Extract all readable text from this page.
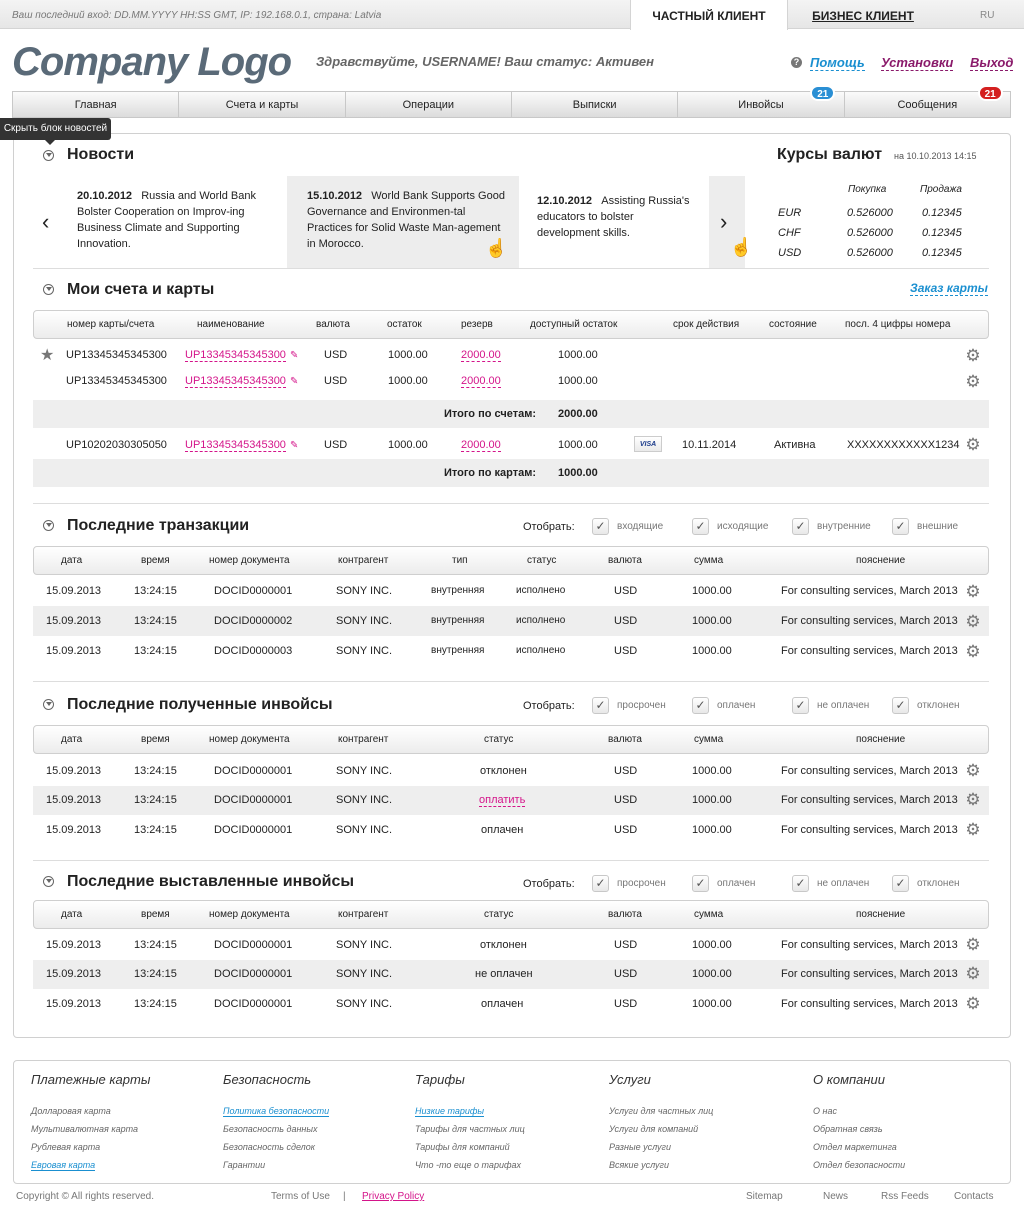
Ваш последний вход: DD.MM.YYYY HH:SS GMT, IP: 192.168.0.1, страна: Latvia	ЧАСТНЫЙ КЛИЕНТ	БИЗНЕС КЛИЕНТ	RU
Company Logo Здравствуйте, USERNAME! Ваш статус: Активен	? Помощь Установки Выход
Главная	Счета и карты	Операции	Выписки	Инвойсы
21
Сообщения
21
Скрыть блок новостей
Новости
‹
20.10.2012 Russia and World Bank Bolster Cooperation on Improv-ing Business Climate and Supporting Innovation.
15.10.2012 World Bank Supports Good Governance and Environmen-tal Practices for Solid Waste Man-agement in Morocco.	☝
12.10.2012 Assisting Russia's educators to bolster development skills.	›
☝
Курсы валют на 10.10.2013 14:15
Покупка	Продажа
EUR	0.526000	0.12345
CHF	0.526000	0.12345
USD	0.526000	0.12345
Мои счета и карты	Заказ карты
номер карты/счета	наименование	валюта	остаток	резерв	доступный остаток	срок действия	состояние	посл. 4 цифры номера
★ UP13345345345300 UP13345345345300 ✎ USD	1000.00	2000.00	1000.00	⚙
UP13345345345300 UP13345345345300 ✎ USD	1000.00	2000.00	1000.00	⚙
Итого по счетам: 2000.00
UP10202030305050 UP13345345345300 ✎ USD	1000.00	2000.00	1000.00	VISA	10.11.2014	Активна	XXXXXXXXXXXX1234 ⚙
Итого по картам: 1000.00
Последние транзакции	Отобрать: ✓	входящие	✓	исходящие ✓	внутренние ✓	внешние
дата	время	номер документа	контрагент	тип	статус	валюта	сумма	пояснение
15.09.2013	13:24:15	DOCID0000001	SONY INC.	внутренняя	исполнено	USD	1000.00	For consulting services, March 2013 ⚙
15.09.2013	13:24:15	DOCID0000002	SONY INC.	внутренняя	исполнено	USD	1000.00	For consulting services, March 2013 ⚙
15.09.2013	13:24:15	DOCID0000003	SONY INC.	внутренняя	исполнено	USD	1000.00	For consulting services, March 2013 ⚙
Последние полученные инвойсы	Отобрать: ✓	просрочен ✓	оплачен	✓	не оплачен ✓	отклонен
дата	время	номер документа	контрагент	статус	валюта	сумма	пояснение
15.09.2013	13:24:15	DOCID0000001	SONY INC.	отклонен	USD	1000.00	For consulting services, March 2013 ⚙
15.09.2013	13:24:15	DOCID0000001	SONY INC.	оплатить	USD	1000.00	For consulting services, March 2013 ⚙
15.09.2013	13:24:15	DOCID0000001	SONY INC.	оплачен	USD	1000.00	For consulting services, March 2013 ⚙
Последние выставленные инвойсы	Отобрать: ✓	просрочен ✓	оплачен	✓	не оплачен ✓	отклонен
дата	время	номер документа	контрагент	статус	валюта	сумма	пояснение
15.09.2013	13:24:15	DOCID0000001	SONY INC.	отклонен	USD	1000.00	For consulting services, March 2013 ⚙
15.09.2013	13:24:15	DOCID0000001	SONY INC.	не оплачен	USD	1000.00	For consulting services, March 2013 ⚙
15.09.2013	13:24:15	DOCID0000001	SONY INC.	оплачен	USD	1000.00	For consulting services, March 2013 ⚙
Платежные карты
Долларовая карта
Мультивалютная карта
Рублевая карта
Евровая карта
Безопасность
Политика безопасности
Безопасность данных
Безопасность сделок
Гарантии
Тарифы
Низкие тарифы
Тарифы для частных лиц
Тарифы для компаний
Что -то еще о тарифах
Услуги
Услуги для частных лиц
Услуги для компаний
Разные услуги
Всякие услуги
О компании
О нас
Обратная связь
Отдел маркетинга
Отдел безопасности
Copyright © All rights reserved.	Terms of Use | Privacy Policy	Sitemap	News	Rss Feeds	Contacts
